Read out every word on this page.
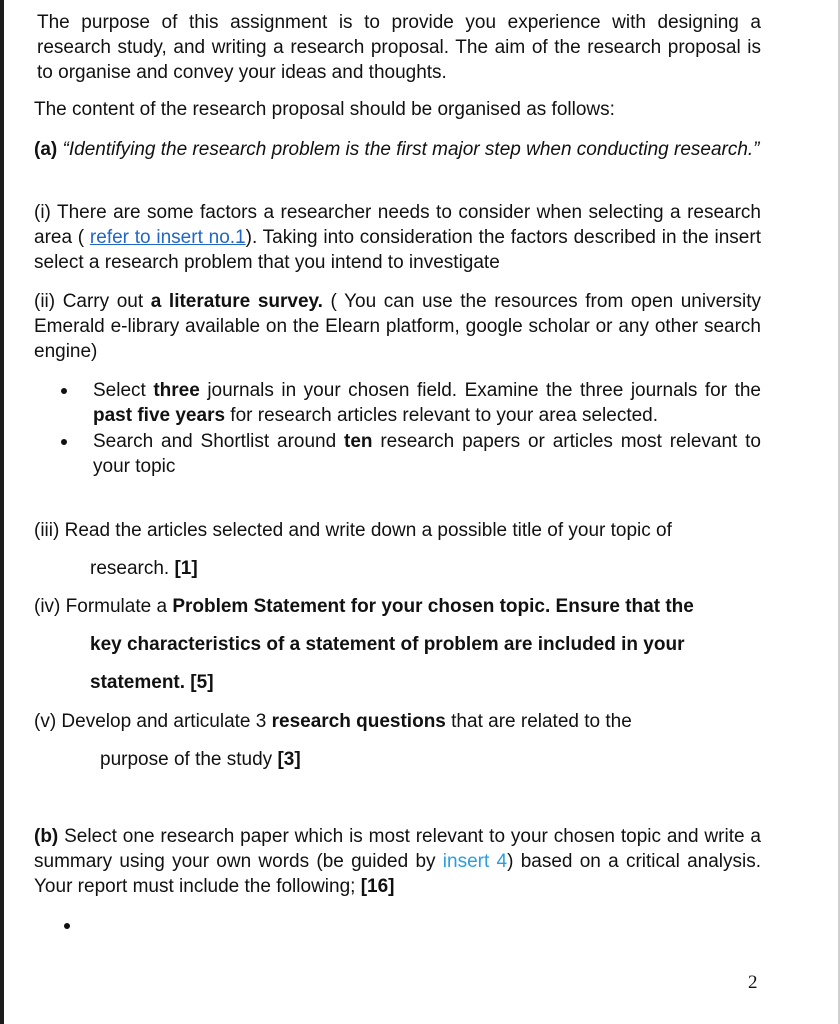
The purpose of this assignment is to provide you experience with designing a research study, and writing a research proposal. The aim of the research proposal is to organise and convey your ideas and thoughts.

The content of the research proposal should be organised as follows:

(a) “Identifying the research problem is the first major step when conducting research.”

(i) There are some factors a researcher needs to consider when selecting a research area ( refer to insert no.1). Taking into consideration the factors described in the insert select a research problem that you intend to investigate

(ii) Carry out a literature survey. ( You can use the resources from open university Emerald e-library available on the Elearn platform, google scholar or any other search engine)

Select three journals in your chosen field. Examine the three journals for the past five years for research articles relevant to your area selected.

Search and Shortlist around ten research papers or articles most relevant to your topic

(iii) Read the articles selected and write down a possible title of your topic of

research. [1]

(iv) Formulate a Problem Statement for your chosen topic. Ensure that the

key characteristics of a statement of problem are included in your

statement. [5]

(v) Develop and articulate 3 research questions that are related to the

purpose of the study [3]

(b) Select one research paper which is most relevant to your chosen topic and write a summary using your own words (be guided by insert 4) based on a critical analysis. Your report must include the following; [16]

2
